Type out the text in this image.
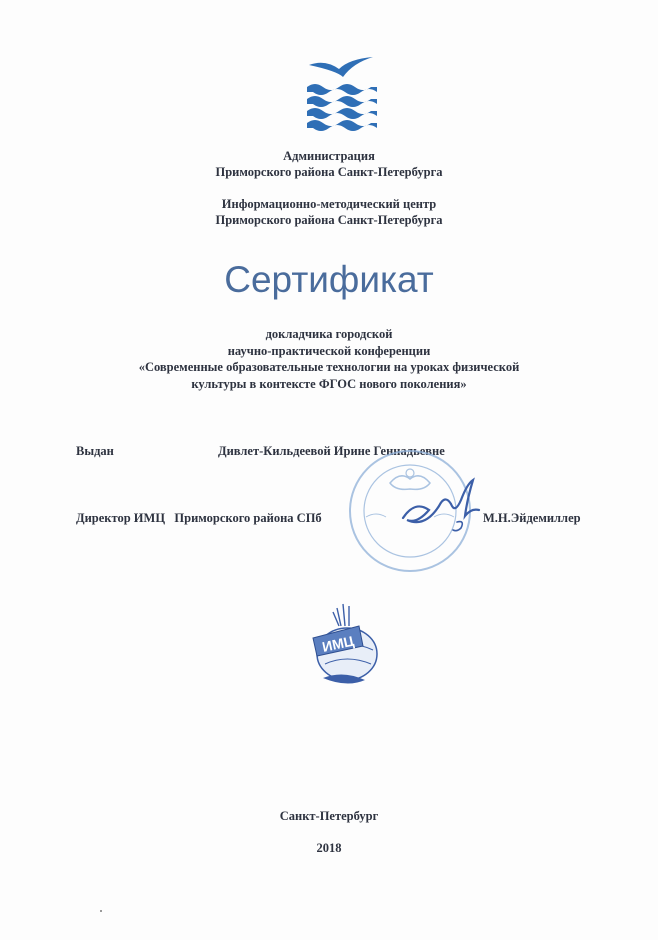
Администрация
Приморского района Санкт-Петербурга
Информационно-методический центр
Приморского района Санкт-Петербурга
Сертификат
докладчика городской
научно-практической конференции
«Современные образовательные технологии на уроках физической
культуры в контексте ФГОС нового поколения»
Выдан	Дивлет-Кильдеевой Ирине Геннадьевне
Директор ИМЦ   Приморского района СПб	М.Н.Эйдемиллер
ИМЦ
Санкт-Петербург
2018
